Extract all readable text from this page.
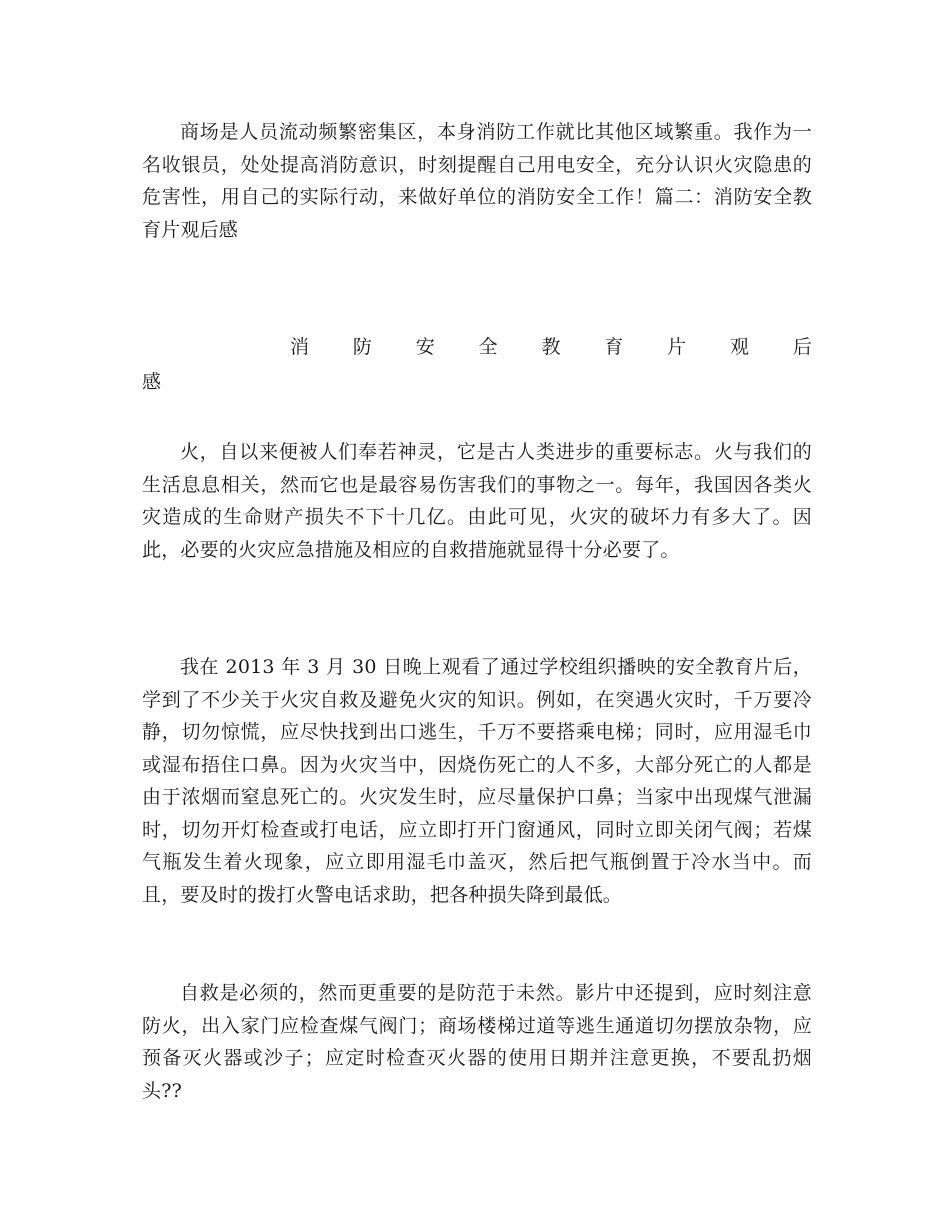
商场是人员流动频繁密集区，本身消防工作就比其他区域繁重。我作为一名收银员，处处提高消防意识，时刻提醒自己用电安全，充分认识火灾隐患的危害性，用自己的实际行动，来做好单位的消防安全工作！篇二：消防安全教育片观后感

消 防 安 全 教 育 片 观 后
感

火，自以来便被人们奉若神灵，它是古人类进步的重要标志。火与我们的生活息息相关，然而它也是最容易伤害我们的事物之一。每年，我国因各类火灾造成的生命财产损失不下十几亿。由此可见，火灾的破坏力有多大了。因此，必要的火灾应急措施及相应的自救措施就显得十分必要了。

我在 2013 年 3 月 30 日晚上观看了通过学校组织播映的安全教育片后，学到了不少关于火灾自救及避免火灾的知识。例如，在突遇火灾时，千万要冷静，切勿惊慌，应尽快找到出口逃生，千万不要搭乘电梯；同时，应用湿毛巾或湿布捂住口鼻。因为火灾当中，因烧伤死亡的人不多，大部分死亡的人都是由于浓烟而窒息死亡的。火灾发生时，应尽量保护口鼻；当家中出现煤气泄漏时，切勿开灯检查或打电话，应立即打开门窗通风，同时立即关闭气阀；若煤气瓶发生着火现象，应立即用湿毛巾盖灭，然后把气瓶倒置于冷水当中。而且，要及时的拨打火警电话求助，把各种损失降到最低。

自救是必须的，然而更重要的是防范于未然。影片中还提到，应时刻注意防火，出入家门应检查煤气阀门；商场楼梯过道等逃生通道切勿摆放杂物，应预备灭火器或沙子；应定时检查灭火器的使用日期并注意更换，不要乱扔烟头??
